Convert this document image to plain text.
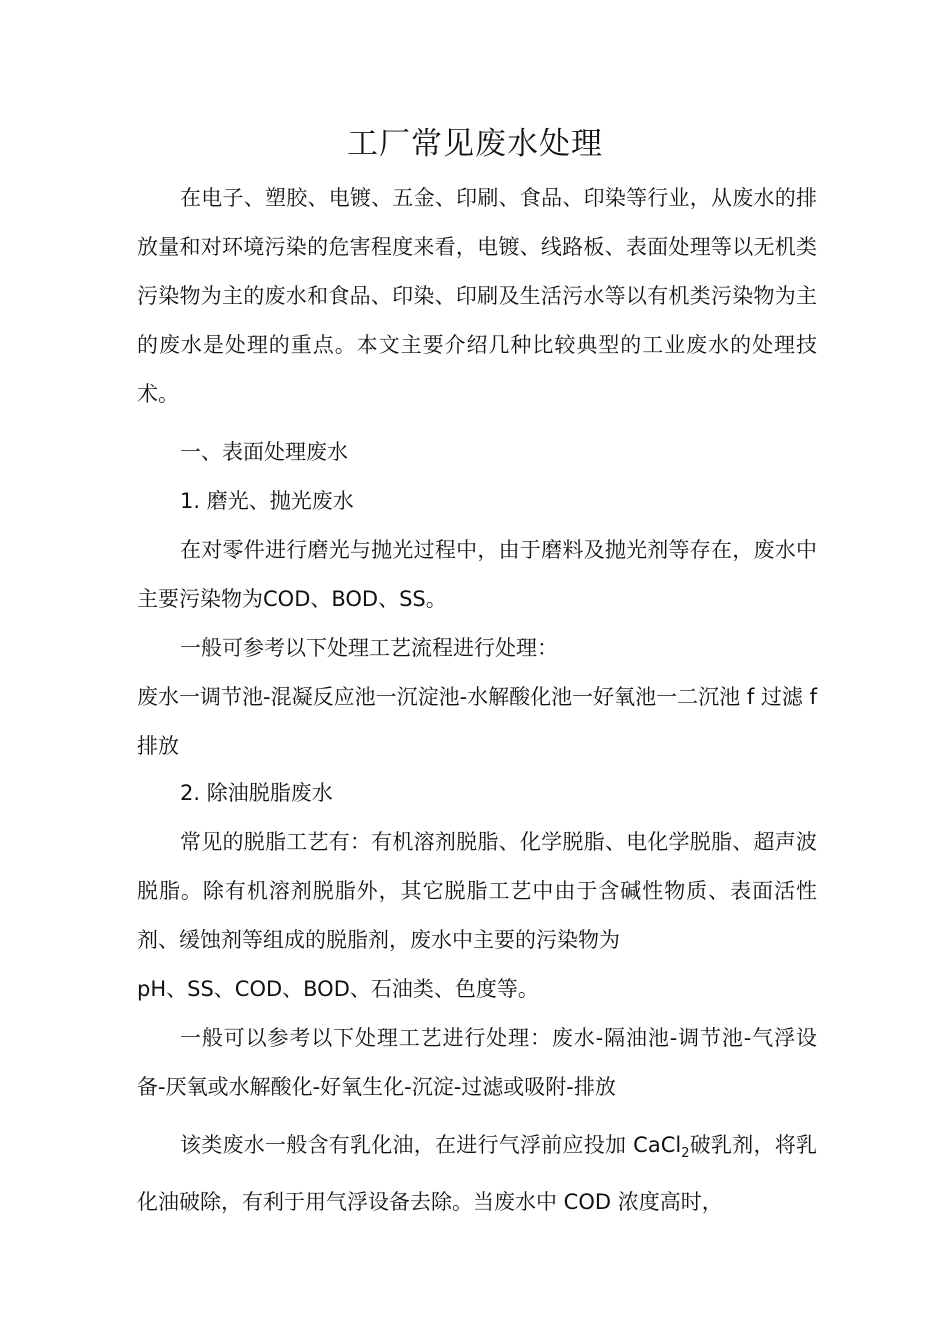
工厂常见废水处理

在电子、塑胶、电镀、五金、印刷、食品、印染等行业，从废水的排放量和对环境污染的危害程度来看，电镀、线路板、表面处理等以无机类污染物为主的废水和食品、印染、印刷及生活污水等以有机类污染物为主的废水是处理的重点。本文主要介绍几种比较典型的工业废水的处理技术。

一、表面处理废水

1. 磨光、抛光废水

在对零件进行磨光与抛光过程中，由于磨料及抛光剂等存在，废水中主要污染物为COD、BOD、SS。

一般可参考以下处理工艺流程进行处理：

废水一调节池-混凝反应池一沉淀池-水解酸化池一好氧池一二沉池 f 过滤 f 排放

2. 除油脱脂废水

常见的脱脂工艺有：有机溶剂脱脂、化学脱脂、电化学脱脂、超声波脱脂。除有机溶剂脱脂外，其它脱脂工艺中由于含碱性物质、表面活性剂、缓蚀剂等组成的脱脂剂，废水中主要的污染物为

pH、SS、COD、BOD、石油类、色度等。

一般可以参考以下处理工艺进行处理：废水-隔油池-调节池-气浮设备-厌氧或水解酸化-好氧生化-沉淀-过滤或吸附-排放

该类废水一般含有乳化油，在进行气浮前应投加 CaCl$_2$破乳剂，将乳化油破除，有利于用气浮设备去除。当废水中 COD 浓度高时，
